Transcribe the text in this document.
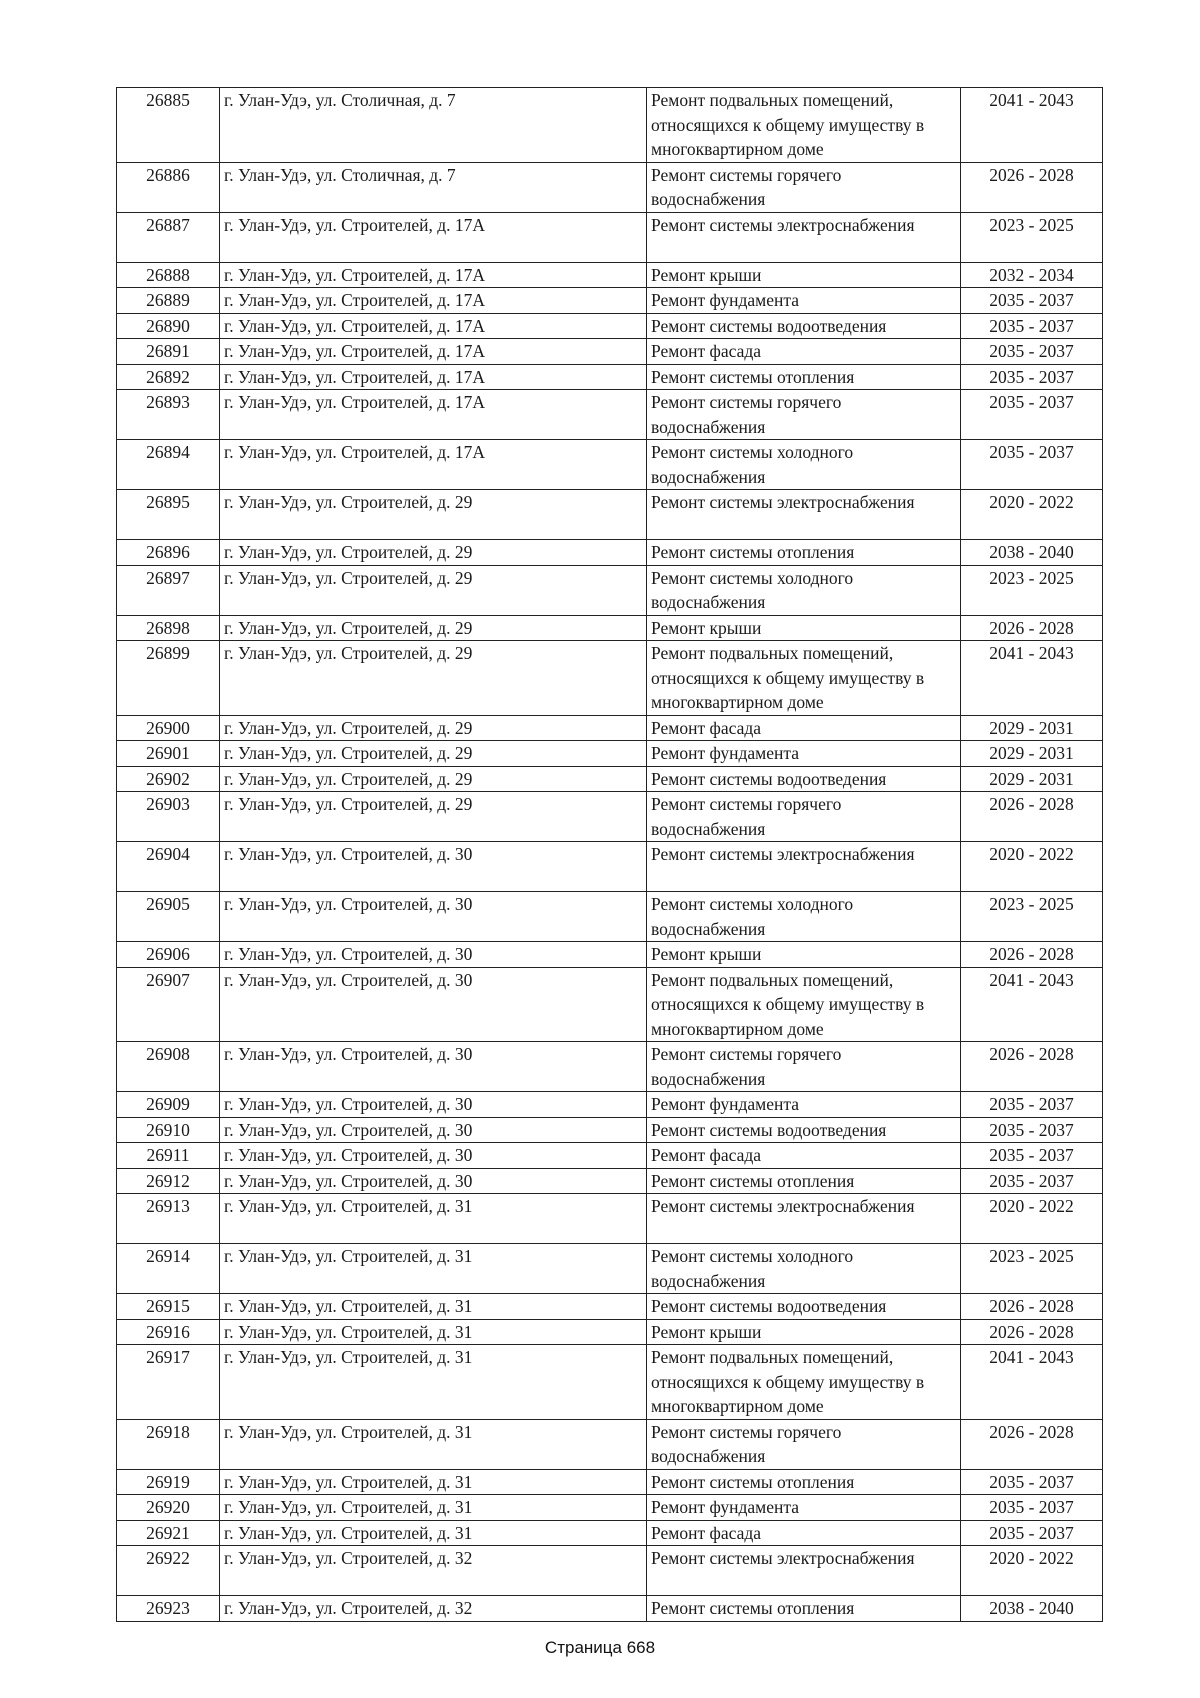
26885	г. Улан-Удэ, ул. Столичная, д. 7	Ремонт подвальных помещений, относящихся к общему имуществу в многоквартирном доме	2041 - 2043
26886	г. Улан-Удэ, ул. Столичная, д. 7	Ремонт системы горячего водоснабжения	2026 - 2028
26887	г. Улан-Удэ, ул. Строителей, д. 17А	Ремонт системы электроснабжения	2023 - 2025
26888	г. Улан-Удэ, ул. Строителей, д. 17А	Ремонт крыши	2032 - 2034
26889	г. Улан-Удэ, ул. Строителей, д. 17А	Ремонт фундамента	2035 - 2037
26890	г. Улан-Удэ, ул. Строителей, д. 17А	Ремонт системы водоотведения	2035 - 2037
26891	г. Улан-Удэ, ул. Строителей, д. 17А	Ремонт фасада	2035 - 2037
26892	г. Улан-Удэ, ул. Строителей, д. 17А	Ремонт системы отопления	2035 - 2037
26893	г. Улан-Удэ, ул. Строителей, д. 17А	Ремонт системы горячего водоснабжения	2035 - 2037
26894	г. Улан-Удэ, ул. Строителей, д. 17А	Ремонт системы холодного водоснабжения	2035 - 2037
26895	г. Улан-Удэ, ул. Строителей, д. 29	Ремонт системы электроснабжения	2020 - 2022
26896	г. Улан-Удэ, ул. Строителей, д. 29	Ремонт системы отопления	2038 - 2040
26897	г. Улан-Удэ, ул. Строителей, д. 29	Ремонт системы холодного водоснабжения	2023 - 2025
26898	г. Улан-Удэ, ул. Строителей, д. 29	Ремонт крыши	2026 - 2028
26899	г. Улан-Удэ, ул. Строителей, д. 29	Ремонт подвальных помещений, относящихся к общему имуществу в многоквартирном доме	2041 - 2043
26900	г. Улан-Удэ, ул. Строителей, д. 29	Ремонт фасада	2029 - 2031
26901	г. Улан-Удэ, ул. Строителей, д. 29	Ремонт фундамента	2029 - 2031
26902	г. Улан-Удэ, ул. Строителей, д. 29	Ремонт системы водоотведения	2029 - 2031
26903	г. Улан-Удэ, ул. Строителей, д. 29	Ремонт системы горячего водоснабжения	2026 - 2028
26904	г. Улан-Удэ, ул. Строителей, д. 30	Ремонт системы электроснабжения	2020 - 2022
26905	г. Улан-Удэ, ул. Строителей, д. 30	Ремонт системы холодного водоснабжения	2023 - 2025
26906	г. Улан-Удэ, ул. Строителей, д. 30	Ремонт крыши	2026 - 2028
26907	г. Улан-Удэ, ул. Строителей, д. 30	Ремонт подвальных помещений, относящихся к общему имуществу в многоквартирном доме	2041 - 2043
26908	г. Улан-Удэ, ул. Строителей, д. 30	Ремонт системы горячего водоснабжения	2026 - 2028
26909	г. Улан-Удэ, ул. Строителей, д. 30	Ремонт фундамента	2035 - 2037
26910	г. Улан-Удэ, ул. Строителей, д. 30	Ремонт системы водоотведения	2035 - 2037
26911	г. Улан-Удэ, ул. Строителей, д. 30	Ремонт фасада	2035 - 2037
26912	г. Улан-Удэ, ул. Строителей, д. 30	Ремонт системы отопления	2035 - 2037
26913	г. Улан-Удэ, ул. Строителей, д. 31	Ремонт системы электроснабжения	2020 - 2022
26914	г. Улан-Удэ, ул. Строителей, д. 31	Ремонт системы холодного водоснабжения	2023 - 2025
26915	г. Улан-Удэ, ул. Строителей, д. 31	Ремонт системы водоотведения	2026 - 2028
26916	г. Улан-Удэ, ул. Строителей, д. 31	Ремонт крыши	2026 - 2028
26917	г. Улан-Удэ, ул. Строителей, д. 31	Ремонт подвальных помещений, относящихся к общему имуществу в многоквартирном доме	2041 - 2043
26918	г. Улан-Удэ, ул. Строителей, д. 31	Ремонт системы горячего водоснабжения	2026 - 2028
26919	г. Улан-Удэ, ул. Строителей, д. 31	Ремонт системы отопления	2035 - 2037
26920	г. Улан-Удэ, ул. Строителей, д. 31	Ремонт фундамента	2035 - 2037
26921	г. Улан-Удэ, ул. Строителей, д. 31	Ремонт фасада	2035 - 2037
26922	г. Улан-Удэ, ул. Строителей, д. 32	Ремонт системы электроснабжения	2020 - 2022
26923	г. Улан-Удэ, ул. Строителей, д. 32	Ремонт системы отопления	2038 - 2040
Страница 668
